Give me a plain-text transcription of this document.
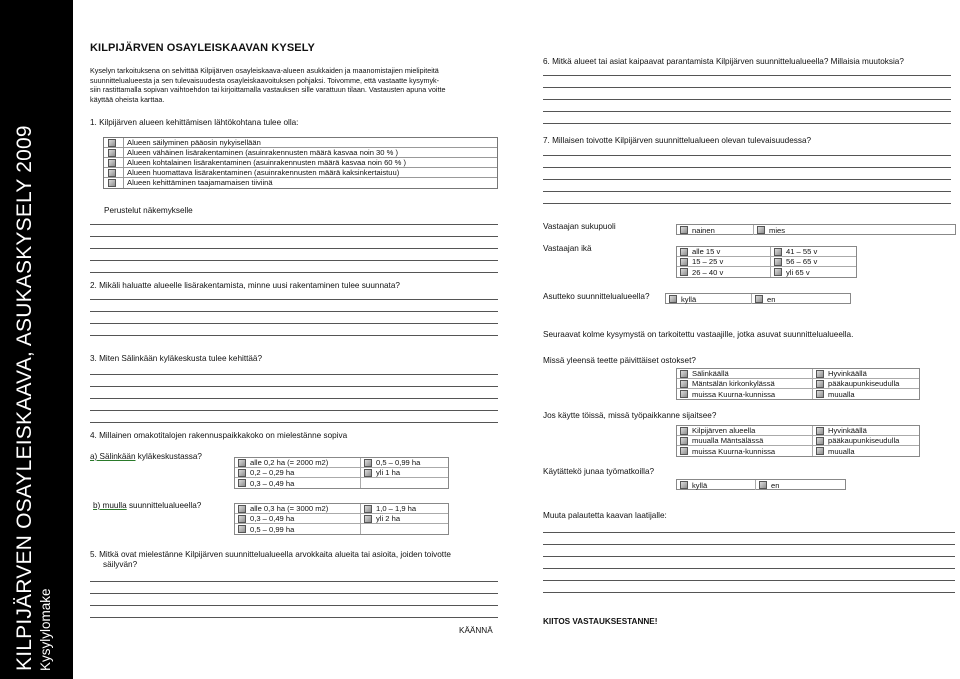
KILPIJÄRVEN OSAYLEISKAAVA, ASUKASKYSELY 2009 Kysylylomake
KILPIJÄRVEN OSAYLEISKAAVAN KYSELY
Kyselyn tarkoituksena on selvittää Kilpijärven osayleiskaava-alueen asukkaiden ja maanomistajien mielipiteitä
suunnittelualueesta ja sen tulevaisuudesta osayleiskaavoituksen pohjaksi. Toivomme, että vastaatte kysymyk-
siin rastittamalla sopivan vaihtoehdon tai kirjoittamalla vastauksen sille varattuun tilaan. Vastausten apuna voitte
käyttää oheista karttaa.
1. Kilpijärven alueen kehittämisen lähtökohtana tulee olla:
Alueen säilyminen pääosin nykyisellään
Alueen vähäinen lisärakentaminen (asuinrakennusten määrä kasvaa noin 30 % )
Alueen kohtalainen lisärakentaminen (asuinrakennusten määrä kasvaa noin 60 % )
Alueen huomattava lisärakentaminen (asuinrakennusten määrä kaksinkertaistuu)
Alueen kehittäminen taajamamaisen tiiviinä
Perustelut näkemykselle
2. Mikäli haluatte alueelle lisärakentamista, minne uusi rakentaminen tulee suunnata?
3. Miten Sälinkään kyläkeskusta tulee kehittää?
4. Millainen omakotitalojen rakennuspaikkakoko on mielestänne sopiva
a) Sälinkään kyläkeskustassa?
alle 0,2 ha (= 2000 m2)	0,5 – 0,99 ha
0,2 – 0,29 ha	yli 1 ha
0,3 – 0,49 ha
b) muulla suunnittelualueella?	alle 0,3 ha (= 3000 m2)	1,0 – 1,9 ha
0,3 – 0,49 ha	yli 2 ha
0,5 – 0,99 ha
5. Mitkä ovat mielestänne Kilpijärven suunnittelualueella arvokkaita alueita tai asioita, joiden toivotte
säilyvän?
KÄÄNNÄ
6. Mitkä alueet tai asiat kaipaavat parantamista Kilpijärven suunnittelualueella? Millaisia muutoksia?
7. Millaisen toivotte Kilpijärven suunnittelualueen olevan tulevaisuudessa?
Vastaajan sukupuoli	nainen	mies
Vastaajan ikä	alle 15 v	41 – 55 v
15 – 25 v	56 – 65 v
26 – 40 v	yli 65 v
Asutteko suunnittelualueella?	kyllä	en
Seuraavat kolme kysymystä on tarkoitettu vastaajille, jotka asuvat suunnittelualueella.
Missä yleensä teette päivittäiset ostokset?
Sälinkäällä	Hyvinkäällä
Mäntsälän kirkonkylässä	pääkaupunkiseudulla
muissa Kuurna-kunnissa	muualla
Jos käytte töissä, missä työpaikkanne sijaitsee?
Kilpijärven alueella	Hyvinkäällä
muualla Mäntsälässä	pääkaupunkiseudulla
muissa Kuurna-kunnissa	muualla
Käytättekö junaa työmatkoilla?
kyllä	en
Muuta palautetta kaavan laatijalle:
KIITOS VASTAUKSESTANNE!
